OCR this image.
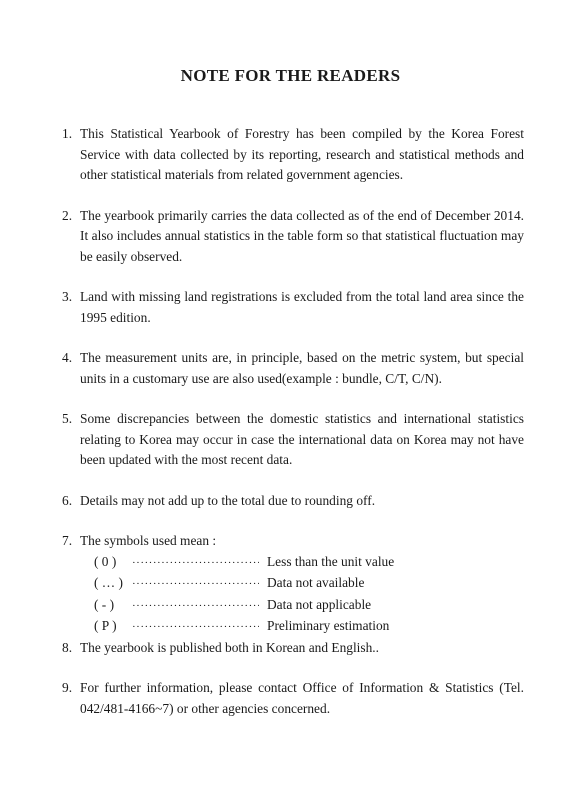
NOTE FOR THE READERS
1. This Statistical Yearbook of Forestry has been compiled by the Korea Forest Service with data collected by its reporting, research and statistical methods and other statistical materials from related government agencies.
2. The yearbook primarily carries the data collected as of the end of December 2014. It also includes annual statistics in the table form so that statistical fluctuation may be easily observed.
3. Land with missing land registrations is excluded from the total land area since the 1995 edition.
4. The measurement units are, in principle, based on the metric system, but special units in a customary use are also used(example : bundle, C/T, C/N).
5. Some discrepancies between the domestic statistics and international statistics relating to Korea may occur in case the international data on Korea may not have been updated with the most recent data.
6. Details may not add up to the total due to rounding off.
7. The symbols used mean :
( 0 ) ·····	Less than the unit value
( … ) ·····	Data not available
( - ) ·····	Data not applicable
( P ) ·····	Preliminary estimation
8. The yearbook is published both in Korean and English..
9. For further information, please contact Office of Information & Statistics (Tel. 042/481-4166~7) or other agencies concerned.
